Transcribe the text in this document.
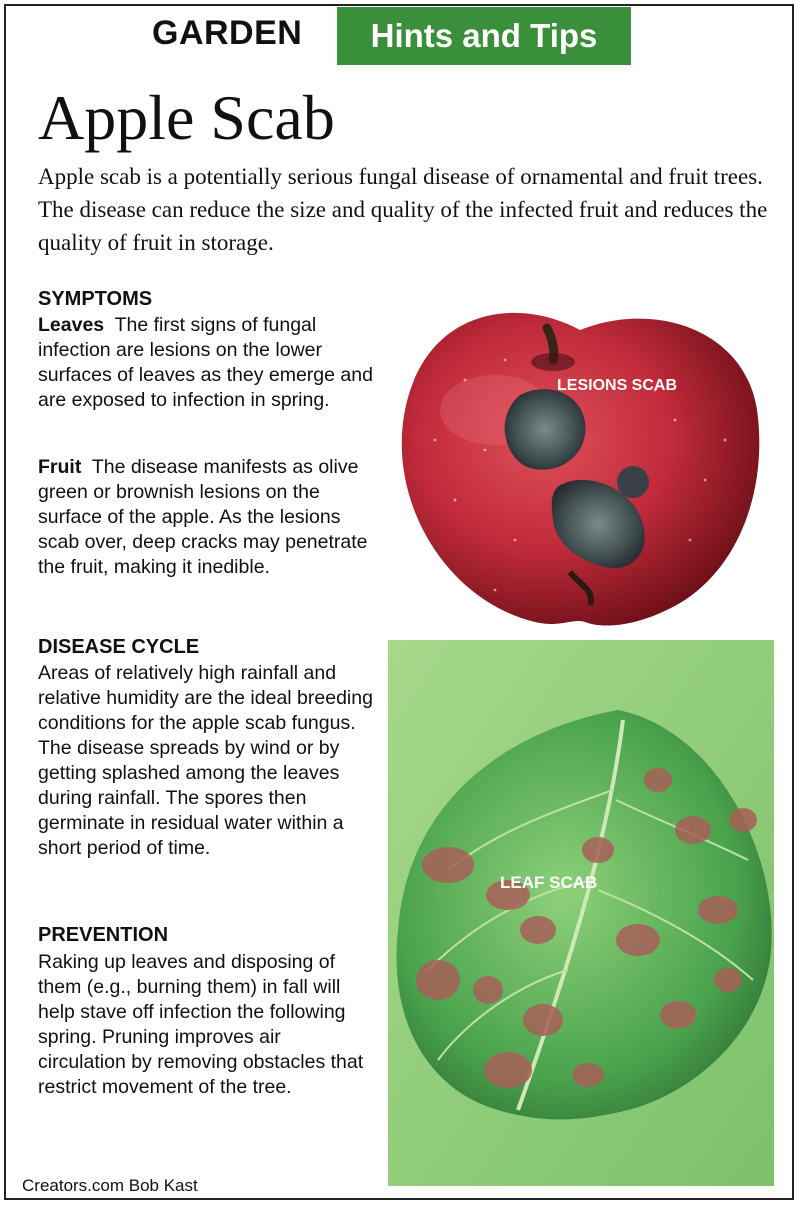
GARDEN	Hints and Tips
Apple Scab

Apple scab is a potentially serious fungal disease of ornamental and fruit trees. The disease can reduce the size and quality of the infected fruit and reduces the quality of fruit in storage.

SYMPTOMS

Leaves The first signs of fungal infection are lesions on the lower surfaces of leaves as they emerge and are exposed to infection in spring.

Fruit The disease manifests as olive green or brownish lesions on the surface of the apple. As the lesions scab over, deep cracks may penetrate the fruit, making it inedible.

DISEASE CYCLE

Areas of relatively high rainfall and relative humidity are the ideal breeding conditions for the apple scab fungus. The disease spreads by wind or by getting splashed among the leaves during rainfall. The spores then germinate in residual water within a short period of time.

PREVENTION

Raking up leaves and disposing of them (e.g., burning them) in fall will help stave off infection the following spring. Pruning improves air circulation by removing obstacles that restrict movement of the tree.

Creators.com Bob Kast
LESIONS SCAB
LEAF SCAB
